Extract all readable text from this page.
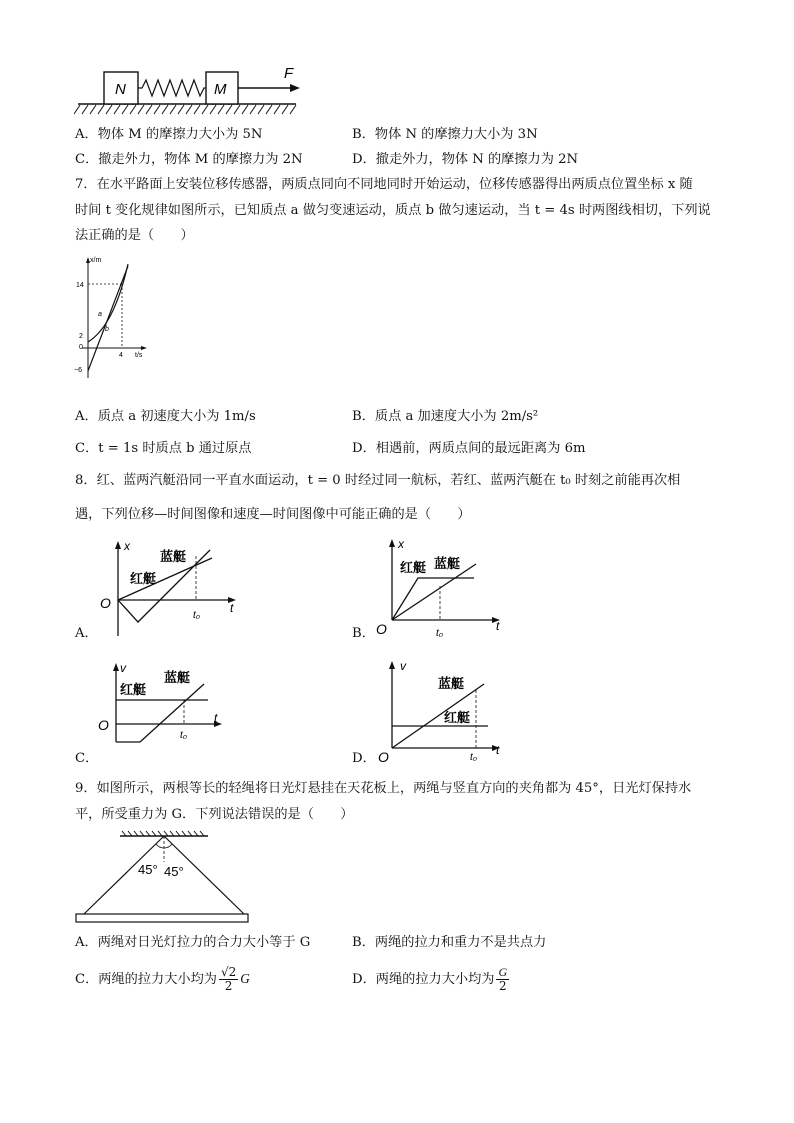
N	M
F
A．物体 M 的摩擦力大小为 5N	B．物体 N 的摩擦力大小为 3N
C．撤走外力，物体 M 的摩擦力为 2N	D．撤走外力，物体 N 的摩擦力为 2N
7．在水平路面上安装位移传感器，两质点同向不同地同时开始运动，位移传感器得出两质点位置坐标 x 随
时间 t 变化规律如图所示，已知质点 a 做匀变速运动，质点 b 做匀速运动，当 t = 4s 时两图线相切，下列说
法正确的是（　　）
x/m
t/s
14
2
0
−6
4
a
b
A．质点 a 初速度大小为 1m/s	B．质点 a 加速度大小为 2m/s²
C．t = 1s 时质点 b 通过原点	D．相遇前，两质点间的最远距离为 6m
8．红、蓝两汽艇沿同一平直水面运动，t = 0 时经过同一航标，若红、蓝两汽艇在 t₀ 时刻之前能再次相
遇，下列位移—时间图像和速度—时间图像中可能正确的是（　　）
A．
x
t
O
t₀
蓝艇
红艇
B．
x
t
O	t₀
蓝艇
红艇
C．
v
t
O
t₀
蓝艇
红艇
D．
v
t
O	t₀
蓝艇
红艇
9．如图所示，两根等长的轻绳将日光灯悬挂在天花板上，两绳与竖直方向的夹角都为 45°，日光灯保持水
平，所受重力为 G．下列说法错误的是（　　）
45° 45°
A．两绳对日光灯拉力的合力大小等于 G	B．两绳的拉力和重力不是共点力
C．两绳的拉力大小均为 $\frac{√2}{2}$ G	D．两绳的拉力大小均为 $\frac{G}{2}$
